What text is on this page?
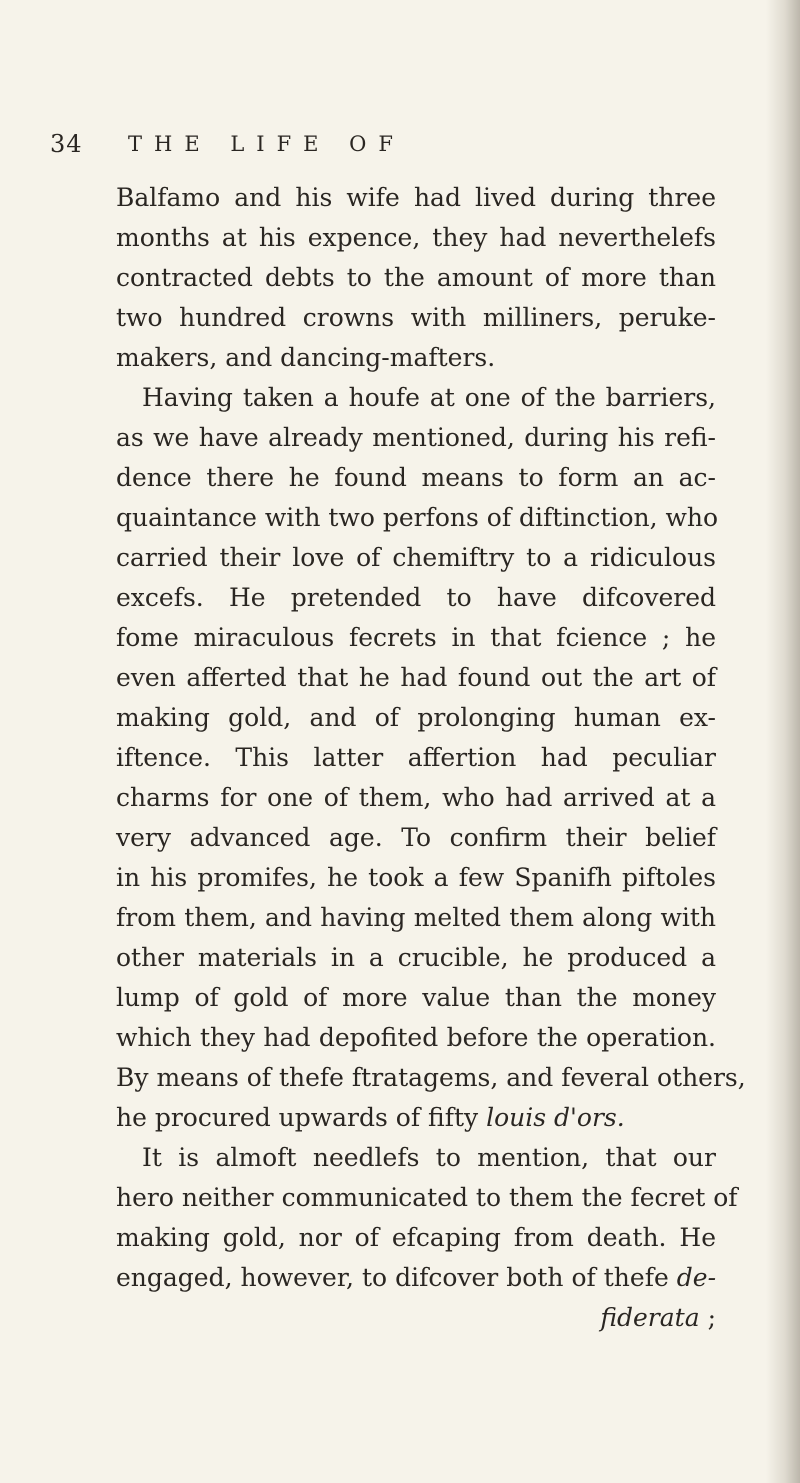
34 THE LIFE OF
Balfamo and his wife had lived during three
months at his expence, they had neverthelefs
contracted debts to the amount of more than
two hundred crowns with milliners, peruke-
makers, and dancing-mafters.
Having taken a houfe at one of the barriers,
as we have already mentioned, during his refi-
dence there he found means to form an ac-
quaintance with two perfons of diftinction, who
carried their love of chemiftry to a ridiculous
excefs. He pretended to have difcovered
fome miraculous fecrets in that fcience ; he
even afferted that he had found out the art of
making gold, and of prolonging human ex-
iftence. This latter affertion had peculiar
charms for one of them, who had arrived at a
very advanced age. To confirm their belief
in his promifes, he took a few Spanifh piftoles
from them, and having melted them along with
other materials in a crucible, he produced a
lump of gold of more value than the money
which they had depofited before the operation.
By means of thefe ftratagems, and feveral others,
he procured upwards of fifty louis d'ors.
It is almoft needlefs to mention, that our
hero neither communicated to them the fecret of
making gold, nor of efcaping from death. He
engaged, however, to difcover both of thefe de-
fiderata ;
